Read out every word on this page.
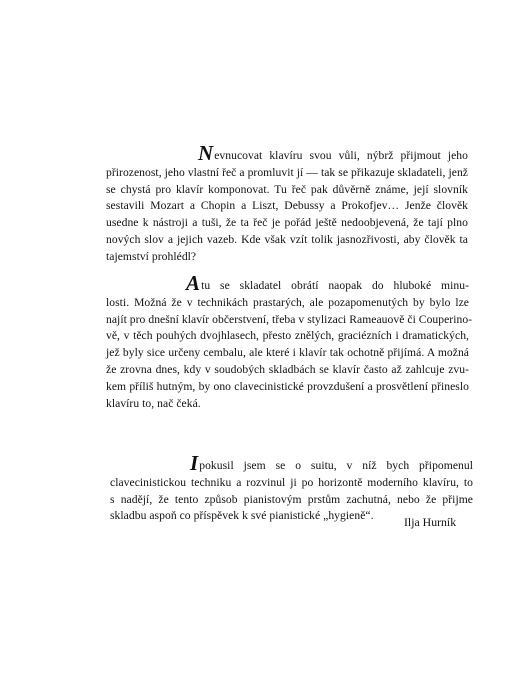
Nevnucovat klavíru svou vůli, nýbrž přijmout jeho
přirozenost, jeho vlastní řeč a promluvit jí — tak se přikazuje skladateli, jenž
se chystá pro klavír komponovat. Tu řeč pak důvěrně známe, její slovník
sestavili Mozart a Chopin a Liszt, Debussy a Prokofjev… Jenže člověk
usedne k nástroji a tuši, že ta řeč je pořád ještě nedoobjevená, že tají plno
nových slov a jejich vazeb. Kde však vzít tolik jasnozřivosti, aby člověk ta
tajemství prohlédl?
Atu se skladatel obrátí naopak do hluboké minu-
losti. Možná že v technikách prastarých, ale pozapomenutých by bylo lze
najít pro dnešní klavír občerstvení, třeba v stylizaci Rameauově či Couperino-
vě, v těch pouhých dvojhlasech, přesto znělých, graciézních i dramatických,
jež byly sice určeny cembalu, ale které i klavír tak ochotně přijímá. A možná
že zrovna dnes, kdy v soudobých skladbách se klavír často až zahlcuje zvu-
kem příliš hutným, by ono clavecinistické provzdušení a prosvětlení přineslo
klavíru to, nač čeká.
Ipokusil jsem se o suitu, v níž bych připomenul
clavecinistickou techniku a rozvinul ji po horizontě moderního klavíru, to
s nadějí, že tento způsob pianistovým prstům zachutná, nebo že přijme
skladbu aspoň co příspěvek k své pianistické „hygieně“.	Ilja Hurník
